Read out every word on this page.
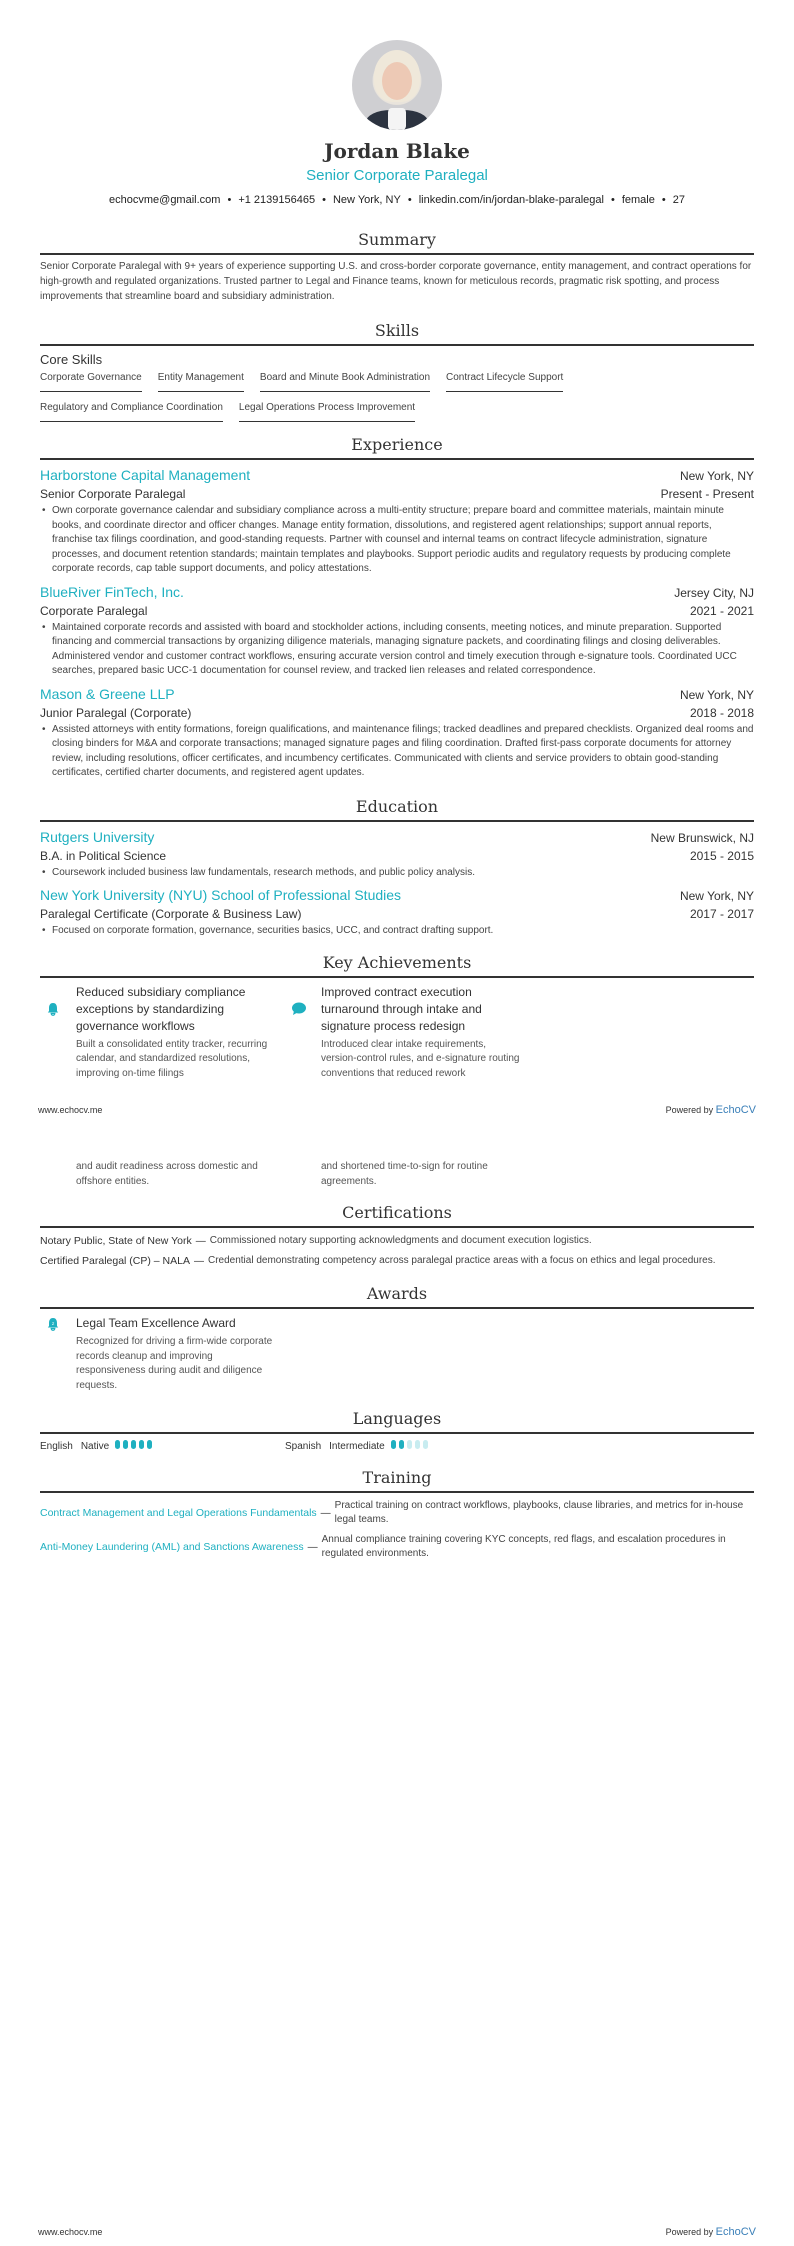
Jordan Blake
Senior Corporate Paralegal
echocvme@gmail.com • +1 2139156465 • New York, NY • linkedin.com/in/jordan-blake-paralegal • female • 27
Summary
Senior Corporate Paralegal with 9+ years of experience supporting U.S. and cross-border corporate governance, entity management, and contract operations for high-growth and regulated organizations. Trusted partner to Legal and Finance teams, known for meticulous records, pragmatic risk spotting, and process improvements that streamline board and subsidiary administration.
Skills
Core Skills
Corporate Governance Entity Management Board and Minute Book Administration Contract Lifecycle Support
Regulatory and Compliance Coordination Legal Operations Process Improvement
Experience
Harborstone Capital Management	New York, NY
Senior Corporate Paralegal	Present - Present
• Own corporate governance calendar and subsidiary compliance across a multi-entity structure; prepare board and committee materials, maintain minute books, and coordinate director and officer changes. Manage entity formation, dissolutions, and registered agent relationships; support annual reports, franchise tax filings coordination, and good-standing requests. Partner with counsel and internal teams on contract lifecycle administration, signature processes, and document retention standards; maintain templates and playbooks. Support periodic audits and regulatory requests by producing complete corporate records, cap table support documents, and policy attestations.
BlueRiver FinTech, Inc.	Jersey City, NJ
Corporate Paralegal	2021 - 2021
• Maintained corporate records and assisted with board and stockholder actions, including consents, meeting notices, and minute preparation. Supported financing and commercial transactions by organizing diligence materials, managing signature packets, and coordinating filings and closing deliverables. Administered vendor and customer contract workflows, ensuring accurate version control and timely execution through e-signature tools. Coordinated UCC searches, prepared basic UCC-1 documentation for counsel review, and tracked lien releases and related correspondence.
Mason & Greene LLP	New York, NY
Junior Paralegal (Corporate)	2018 - 2018
• Assisted attorneys with entity formations, foreign qualifications, and maintenance filings; tracked deadlines and prepared checklists. Organized deal rooms and closing binders for M&A and corporate transactions; managed signature pages and filing coordination. Drafted first-pass corporate documents for attorney review, including resolutions, officer certificates, and incumbency certificates. Communicated with clients and service providers to obtain good-standing certificates, certified charter documents, and registered agent updates.
Education
Rutgers University	New Brunswick, NJ
B.A. in Political Science	2015 - 2015
• Coursework included business law fundamentals, research methods, and public policy analysis.
New York University (NYU) School of Professional Studies	New York, NY
Paralegal Certificate (Corporate & Business Law)	2017 - 2017
• Focused on corporate formation, governance, securities basics, UCC, and contract drafting support.
Key Achievements
Reduced subsidiary compliance exceptions by standardizing governance workflows
Built a consolidated entity tracker, recurring calendar, and standardized resolutions, improving on-time filings
Improved contract execution turnaround through intake and signature process redesign
Introduced clear intake requirements, version-control rules, and e-signature routing conventions that reduced rework
www.echocv.me	Powered by EchoCV
and audit readiness across domestic and offshore entities.
and shortened time-to-sign for routine agreements.
Certifications
Notary Public, State of New York — Commissioned notary supporting acknowledgments and document execution logistics.
Certified Paralegal (CP) – NALA — Credential demonstrating competency across paralegal practice areas with a focus on ethics and legal procedures.
Awards
z Legal Team Excellence Award
Recognized for driving a firm-wide corporate records cleanup and improving responsiveness during audit and diligence requests.
Languages
English Native	Spanish Intermediate
Training
Contract Management and Legal Operations Fundamentals —
Practical training on contract workflows, playbooks, clause libraries, and metrics for in-house legal teams.
Anti-Money Laundering (AML) and Sanctions Awareness —
Annual compliance training covering KYC concepts, red flags, and escalation procedures in regulated environments.
www.echocv.me	Powered by EchoCV
